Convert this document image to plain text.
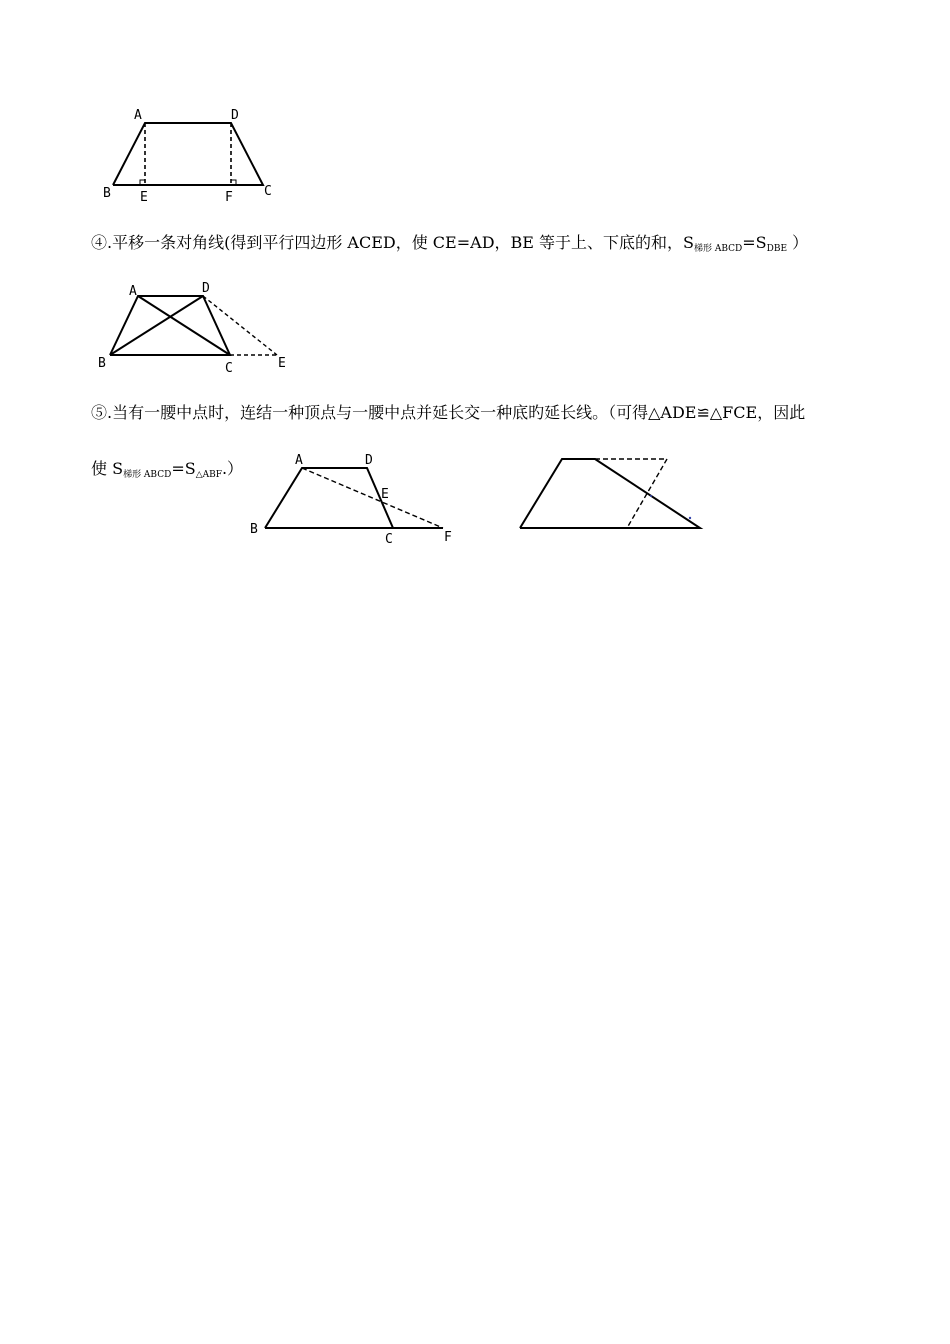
A	D
B E	F C
④.平移一条对角线(得到平行四边形 ACED，使 CE=AD，BE 等于上、下底的和，$S_{梯形 ABCD}=S_{DBE}$ ）
A	D
B	C	E
⑤.当有一腰中点时，连结一种顶点与一腰中点并延长交一种底旳延长线。（可得△ADE≌△FCE，因此
使 $S_{梯形 ABCD}=S_{\triangle ABF}$.）	A	D
E
B
C	F
